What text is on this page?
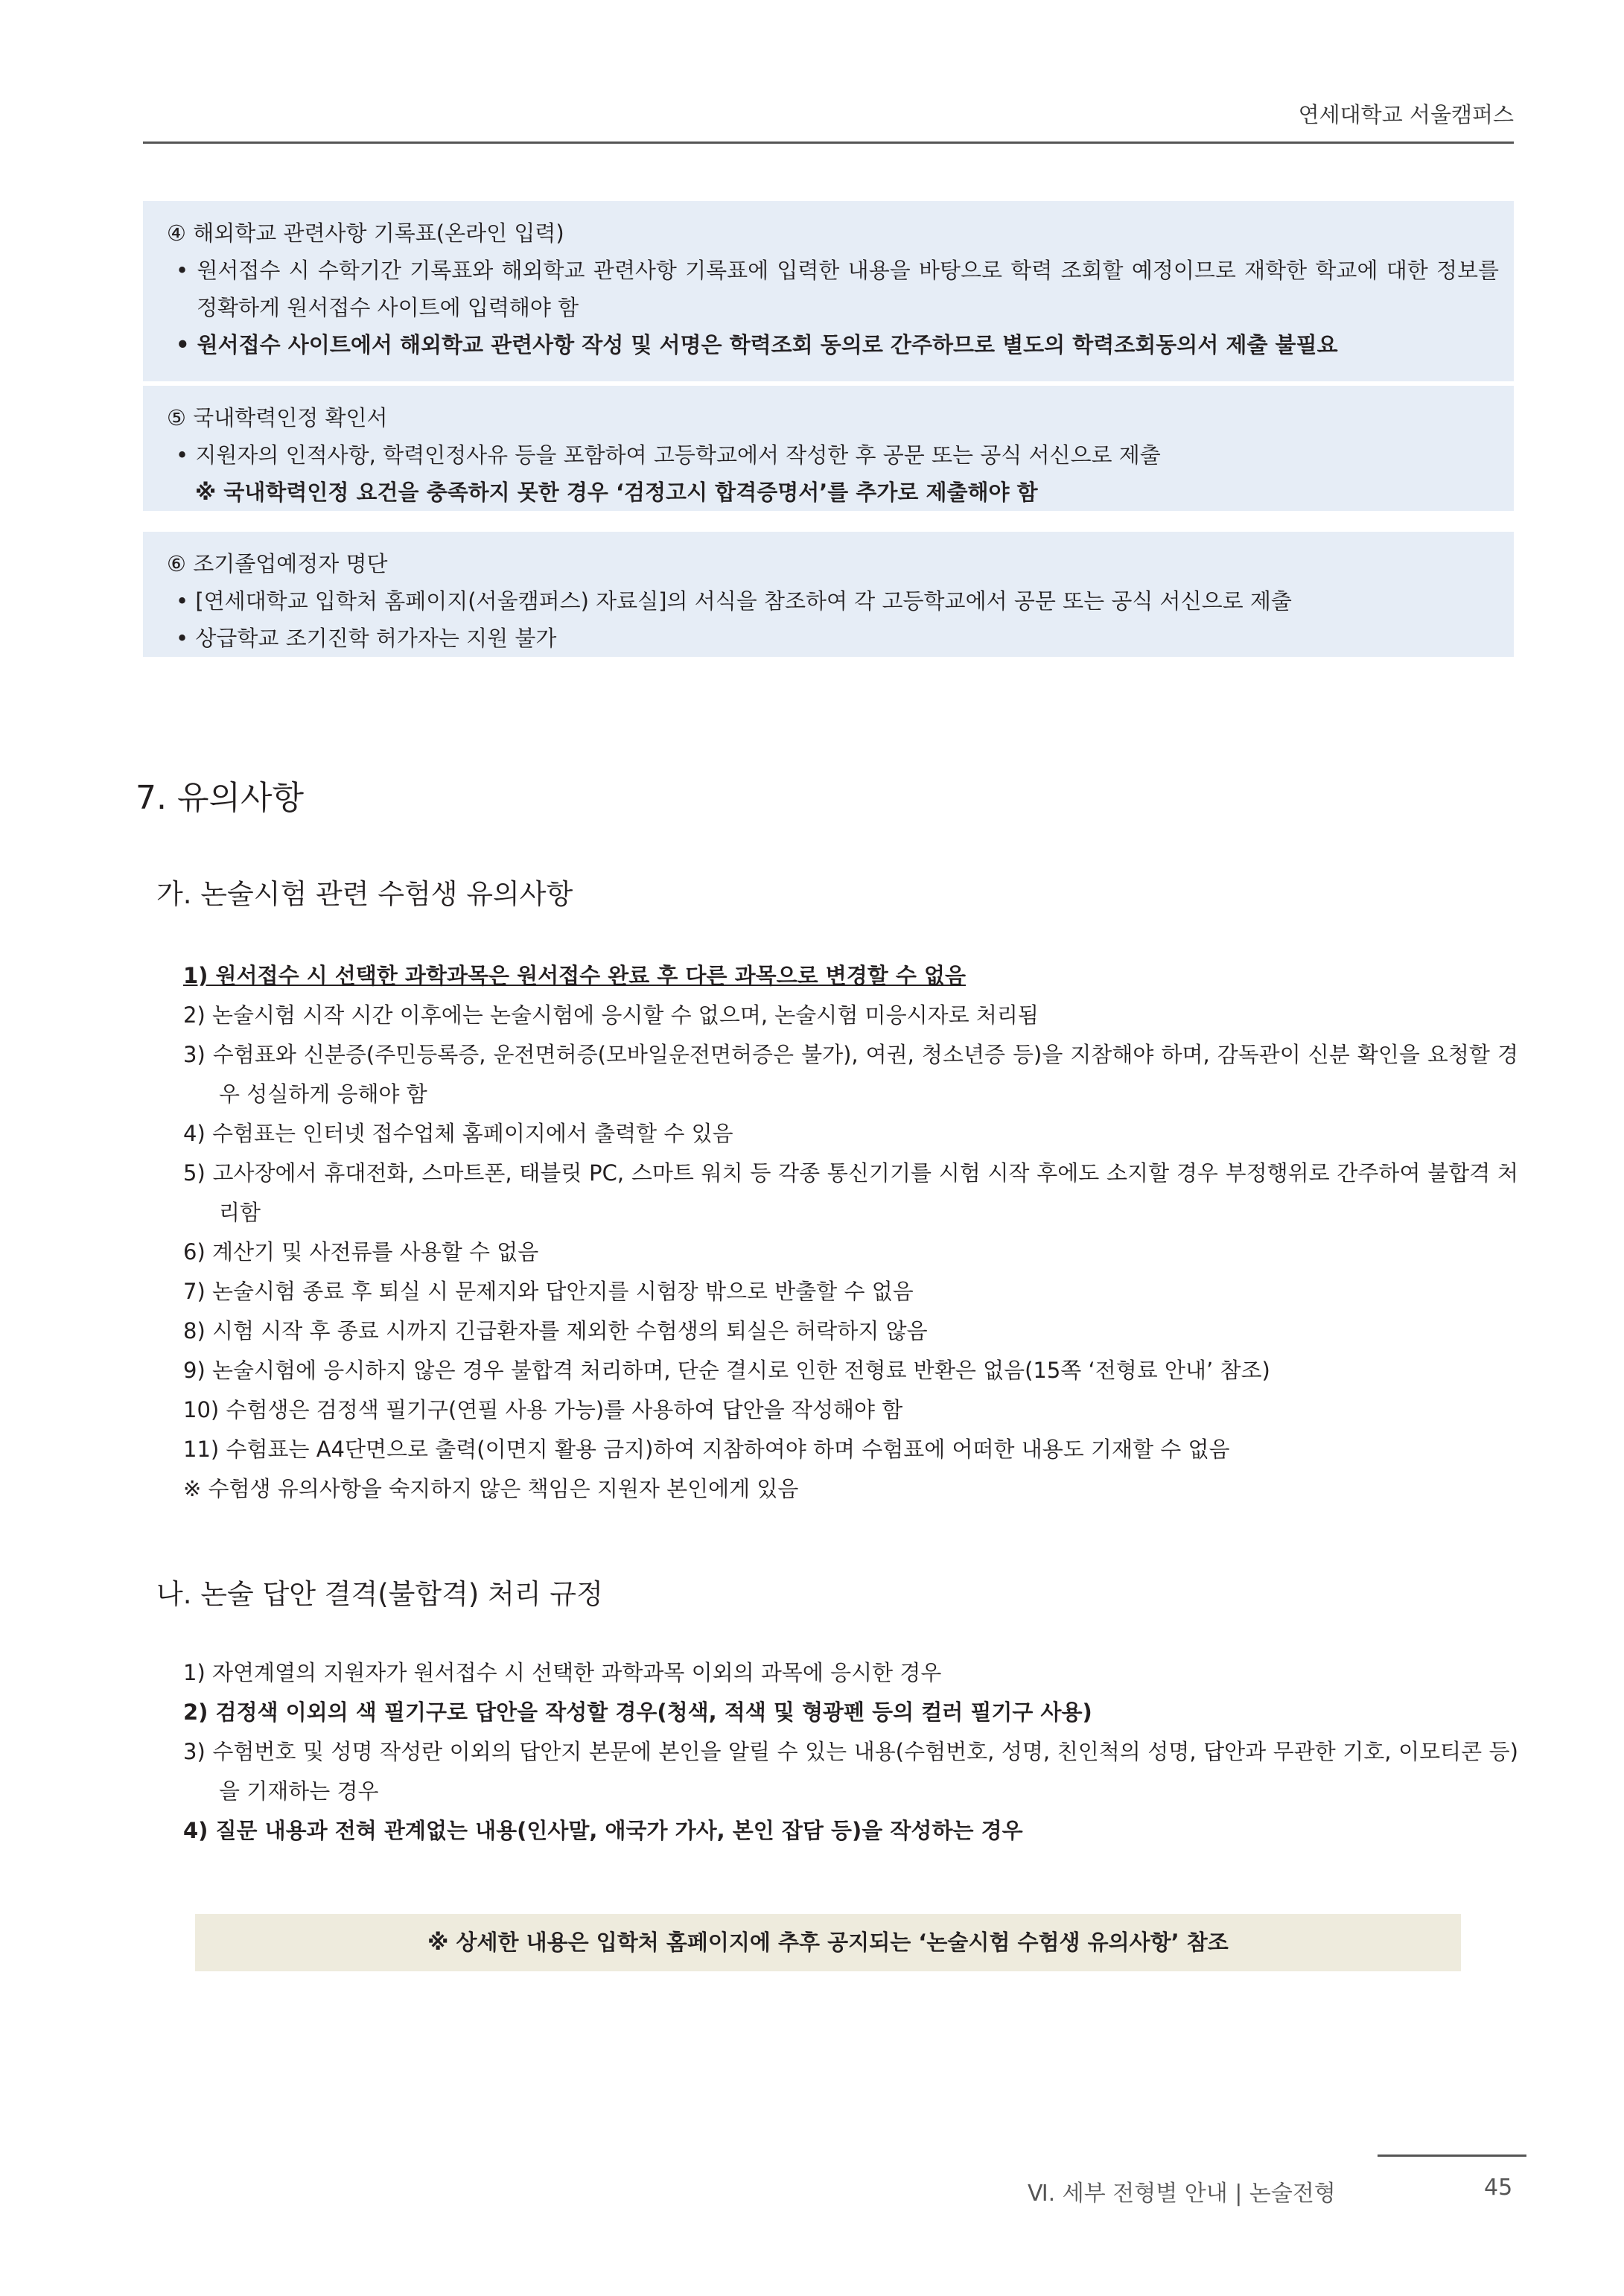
연세대학교 서울캠퍼스
④ 해외학교 관련사항 기록표(온라인 입력)
• 원서접수 시 수학기간 기록표와 해외학교 관련사항 기록표에 입력한 내용을 바탕으로 학력 조회할 예정이므로 재학한 학교에 대한 정보를 정확하게 원서접수 사이트에 입력해야 함
• 원서접수 사이트에서 해외학교 관련사항 작성 및 서명은 학력조회 동의로 간주하므로 별도의 학력조회동의서 제출 불필요
⑤ 국내학력인정 확인서
• 지원자의 인적사항, 학력인정사유 등을 포함하여 고등학교에서 작성한 후 공문 또는 공식 서신으로 제출
※ 국내학력인정 요건을 충족하지 못한 경우 ‘검정고시 합격증명서’를 추가로 제출해야 함
⑥ 조기졸업예정자 명단
• [연세대학교 입학처 홈페이지(서울캠퍼스) 자료실]의 서식을 참조하여 각 고등학교에서 공문 또는 공식 서신으로 제출
• 상급학교 조기진학 허가자는 지원 불가
7. 유의사항
가. 논술시험 관련 수험생 유의사항
1) 원서접수 시 선택한 과학과목은 원서접수 완료 후 다른 과목으로 변경할 수 없음
2) 논술시험 시작 시간 이후에는 논술시험에 응시할 수 없으며, 논술시험 미응시자로 처리됨
3) 수험표와 신분증(주민등록증, 운전면허증(모바일운전면허증은 불가), 여권, 청소년증 등)을 지참해야 하며, 감독관이 신분 확인을 요청할 경우 성실하게 응해야 함
4) 수험표는 인터넷 접수업체 홈페이지에서 출력할 수 있음
5) 고사장에서 휴대전화, 스마트폰, 태블릿 PC, 스마트 워치 등 각종 통신기기를 시험 시작 후에도 소지할 경우 부정행위로 간주하여 불합격 처리함
6) 계산기 및 사전류를 사용할 수 없음
7) 논술시험 종료 후 퇴실 시 문제지와 답안지를 시험장 밖으로 반출할 수 없음
8) 시험 시작 후 종료 시까지 긴급환자를 제외한 수험생의 퇴실은 허락하지 않음
9) 논술시험에 응시하지 않은 경우 불합격 처리하며, 단순 결시로 인한 전형료 반환은 없음(15쪽 ‘전형료 안내’ 참조)
10) 수험생은 검정색 필기구(연필 사용 가능)를 사용하여 답안을 작성해야 함
11) 수험표는 A4단면으로 출력(이면지 활용 금지)하여 지참하여야 하며 수험표에 어떠한 내용도 기재할 수 없음
※ 수험생 유의사항을 숙지하지 않은 책임은 지원자 본인에게 있음
나. 논술 답안 결격(불합격) 처리 규정
1) 자연계열의 지원자가 원서접수 시 선택한 과학과목 이외의 과목에 응시한 경우
2) 검정색 이외의 색 필기구로 답안을 작성할 경우(청색, 적색 및 형광펜 등의 컬러 필기구 사용)
3) 수험번호 및 성명 작성란 이외의 답안지 본문에 본인을 알릴 수 있는 내용(수험번호, 성명, 친인척의 성명, 답안과 무관한 기호, 이모티콘 등)을 기재하는 경우
4) 질문 내용과 전혀 관계없는 내용(인사말, 애국가 가사, 본인 잡담 등)을 작성하는 경우
※ 상세한 내용은 입학처 홈페이지에 추후 공지되는 ‘논술시험 수험생 유의사항’ 참조
Ⅵ. 세부 전형별 안내 | 논술전형	45
